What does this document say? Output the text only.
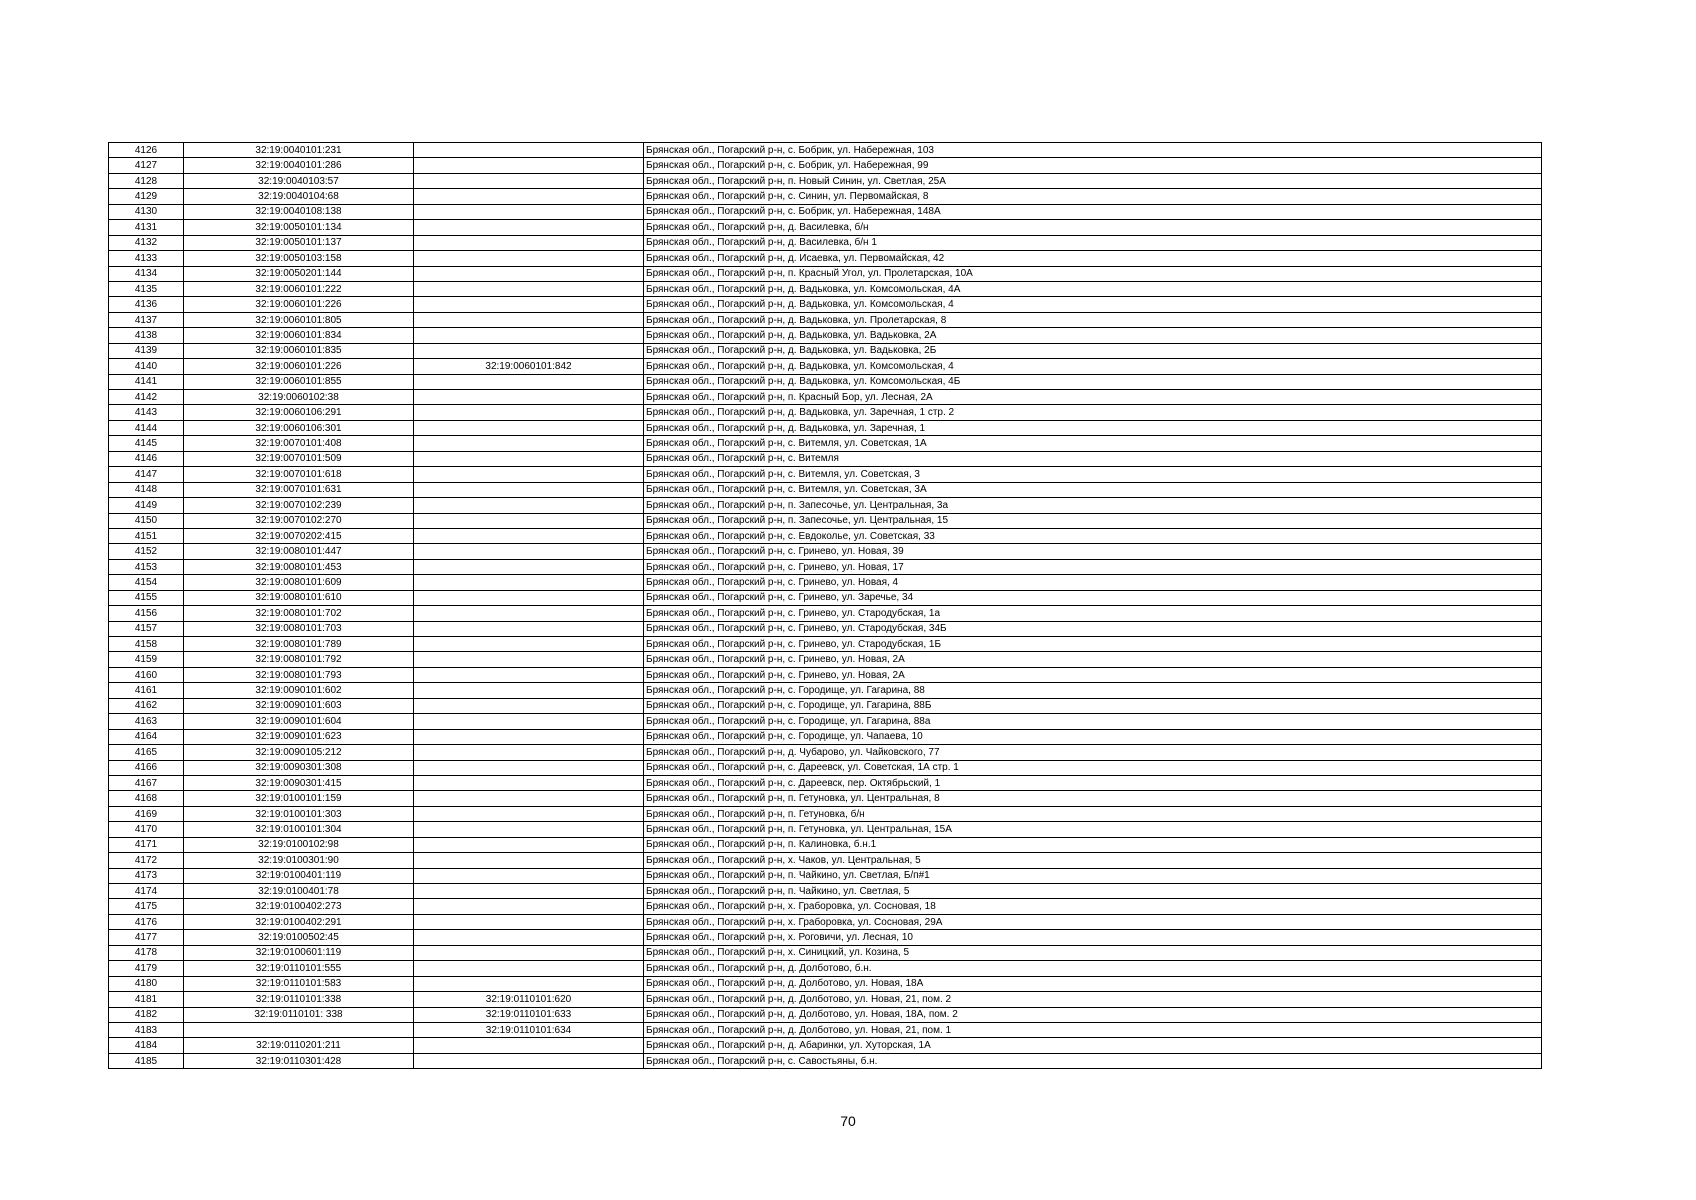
4126	32:19:0040101:231		Брянская обл., Погарский р-н, с. Бобрик, ул. Набережная, 103
4127	32:19:0040101:286		Брянская обл., Погарский р-н, с. Бобрик, ул. Набережная, 99
4128	32:19:0040103:57		Брянская обл., Погарский р-н, п. Новый Синин, ул. Светлая, 25А
4129	32:19:0040104:68		Брянская обл., Погарский р-н, с. Синин, ул. Первомайская, 8
4130	32:19:0040108:138		Брянская обл., Погарский р-н, с. Бобрик, ул. Набережная, 148А
4131	32:19:0050101:134		Брянская обл., Погарский р-н, д. Василевка, б/н
4132	32:19:0050101:137		Брянская обл., Погарский р-н, д. Василевка, б/н 1
4133	32:19:0050103:158		Брянская обл., Погарский р-н, д. Исаевка, ул. Первомайская, 42
4134	32:19:0050201:144		Брянская обл., Погарский р-н, п. Красный Угол, ул. Пролетарская, 10А
4135	32:19:0060101:222		Брянская обл., Погарский р-н, д. Вадьковка, ул. Комсомольская, 4А
4136	32:19:0060101:226		Брянская обл., Погарский р-н, д. Вадьковка, ул. Комсомольская, 4
4137	32:19:0060101:805		Брянская обл., Погарский р-н, д. Вадьковка, ул. Пролетарская, 8
4138	32:19:0060101:834		Брянская обл., Погарский р-н, д. Вадьковка, ул. Вадьковка, 2А
4139	32:19:0060101:835		Брянская обл., Погарский р-н, д. Вадьковка, ул. Вадьковка, 2Б
4140	32:19:0060101:226	32:19:0060101:842	Брянская обл., Погарский р-н, д. Вадьковка, ул. Комсомольская, 4
4141	32:19:0060101:855		Брянская обл., Погарский р-н, д. Вадьковка, ул. Комсомольская, 4Б
4142	32:19:0060102:38		Брянская обл., Погарский р-н, п. Красный Бор, ул. Лесная, 2А
4143	32:19:0060106:291		Брянская обл., Погарский р-н, д. Вадьковка, ул. Заречная, 1 стр. 2
4144	32:19:0060106:301		Брянская обл., Погарский р-н, д. Вадьковка, ул. Заречная, 1
4145	32:19:0070101:408		Брянская обл., Погарский р-н, с. Витемля, ул. Советская, 1А
4146	32:19:0070101:509		Брянская обл., Погарский р-н, с. Витемля
4147	32:19:0070101:618		Брянская обл., Погарский р-н, с. Витемля, ул. Советская, 3
4148	32:19:0070101:631		Брянская обл., Погарский р-н, с. Витемля, ул. Советская, 3А
4149	32:19:0070102:239		Брянская обл., Погарский р-н, п. Запесочье, ул. Центральная, 3а
4150	32:19:0070102:270		Брянская обл., Погарский р-н, п. Запесочье, ул. Центральная, 15
4151	32:19:0070202:415		Брянская обл., Погарский р-н, с. Евдоколье, ул. Советская, 33
4152	32:19:0080101:447		Брянская обл., Погарский р-н, с. Гринево, ул. Новая, 39
4153	32:19:0080101:453		Брянская обл., Погарский р-н, с. Гринево, ул. Новая, 17
4154	32:19:0080101:609		Брянская обл., Погарский р-н, с. Гринево, ул. Новая, 4
4155	32:19:0080101:610		Брянская обл., Погарский р-н, с. Гринево, ул. Заречье, 34
4156	32:19:0080101:702		Брянская обл., Погарский р-н, с. Гринево, ул. Стародубская, 1а
4157	32:19:0080101:703		Брянская обл., Погарский р-н, с. Гринево, ул. Стародубская, 34Б
4158	32:19:0080101:789		Брянская обл., Погарский р-н, с. Гринево, ул. Стародубская, 1Б
4159	32:19:0080101:792		Брянская обл., Погарский р-н, с. Гринево, ул. Новая, 2А
4160	32:19:0080101:793		Брянская обл., Погарский р-н, с. Гринево, ул. Новая, 2А
4161	32:19:0090101:602		Брянская обл., Погарский р-н, с. Городище, ул. Гагарина, 88
4162	32:19:0090101:603		Брянская обл., Погарский р-н, с. Городище, ул. Гагарина, 88Б
4163	32:19:0090101:604		Брянская обл., Погарский р-н, с. Городище, ул. Гагарина, 88а
4164	32:19:0090101:623		Брянская обл., Погарский р-н, с. Городище, ул. Чапаева, 10
4165	32:19:0090105:212		Брянская обл., Погарский р-н, д. Чубарово, ул. Чайковского, 77
4166	32:19:0090301:308		Брянская обл., Погарский р-н, с. Дареевск, ул. Советская, 1А стр. 1
4167	32:19:0090301:415		Брянская обл., Погарский р-н, с. Дареевск, пер. Октябрьский, 1
4168	32:19:0100101:159		Брянская обл., Погарский р-н, п. Гетуновка, ул. Центральная, 8
4169	32:19:0100101:303		Брянская обл., Погарский р-н, п. Гетуновка, б/н
4170	32:19:0100101:304		Брянская обл., Погарский р-н, п. Гетуновка, ул. Центральная, 15А
4171	32:19:0100102:98		Брянская обл., Погарский р-н, п. Калиновка, б.н.1
4172	32:19:0100301:90		Брянская обл., Погарский р-н, х. Чаков, ул. Центральная, 5
4173	32:19:0100401:119		Брянская обл., Погарский р-н, п. Чайкино, ул. Светлая, Б/п#1
4174	32:19:0100401:78		Брянская обл., Погарский р-н, п. Чайкино, ул. Светлая, 5
4175	32:19:0100402:273		Брянская обл., Погарский р-н, х. Граборовка, ул. Сосновая, 18
4176	32:19:0100402:291		Брянская обл., Погарский р-н, х. Граборовка, ул. Сосновая, 29А
4177	32:19:0100502:45		Брянская обл., Погарский р-н, х. Роговичи, ул. Лесная, 10
4178	32:19:0100601:119		Брянская обл., Погарский р-н, х. Синицкий, ул. Козина, 5
4179	32:19:0110101:555		Брянская обл., Погарский р-н, д. Долботово, б.н.
4180	32:19:0110101:583		Брянская обл., Погарский р-н, д. Долботово, ул. Новая, 18А
4181	32:19:0110101:338	32:19:0110101:620	Брянская обл., Погарский р-н, д. Долботово, ул. Новая, 21, пом. 2
4182	32:19:0110101: 338	32:19:0110101:633	Брянская обл., Погарский р-н, д. Долботово, ул. Новая, 18А, пом. 2
4183		32:19:0110101:634	Брянская обл., Погарский р-н, д. Долботово, ул. Новая, 21, пом. 1
4184	32:19:0110201:211		Брянская обл., Погарский р-н, д. Абаринки, ул. Хуторская, 1А
4185	32:19:0110301:428		Брянская обл., Погарский р-н, с. Савостьяны, б.н.
70
